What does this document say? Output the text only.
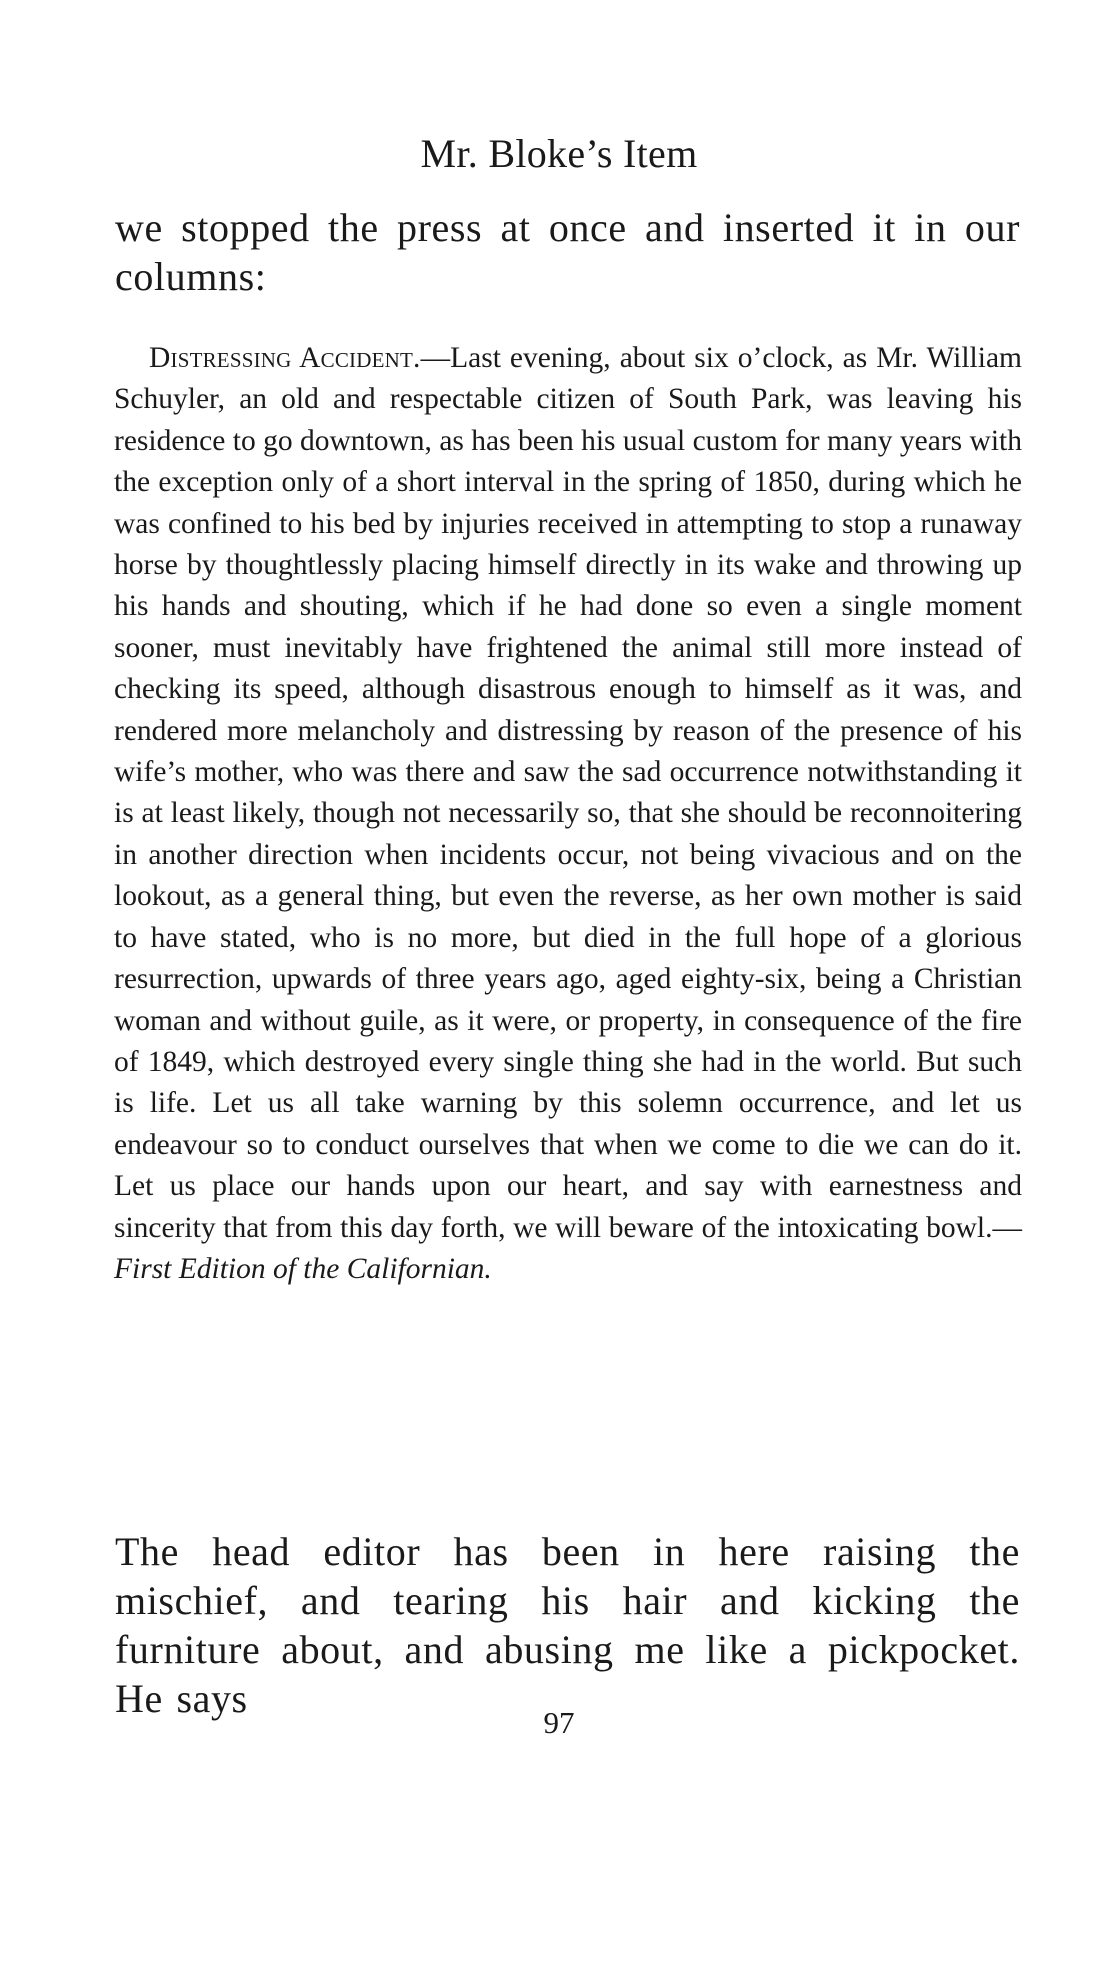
Mr. Bloke’s Item

we stopped the press at once and inserted it in our columns:

Distressing Accident.—Last evening, about six o’clock, as Mr. William Schuyler, an old and respectable citizen of South Park, was leaving his residence to go downtown, as has been his usual custom for many years with the exception only of a short interval in the spring of 1850, during which he was confined to his bed by injuries received in attempting to stop a runaway horse by thoughtlessly placing himself directly in its wake and throwing up his hands and shouting, which if he had done so even a single moment sooner, must inevitably have frightened the animal still more instead of checking its speed, although disastrous enough to himself as it was, and rendered more melancholy and distressing by reason of the presence of his wife’s mother, who was there and saw the sad occurrence notwithstanding it is at least likely, though not necessarily so, that she should be reconnoitering in another direction when incidents occur, not being vivacious and on the lookout, as a general thing, but even the reverse, as her own mother is said to have stated, who is no more, but died in the full hope of a glorious resurrection, upwards of three years ago, aged eighty-six, being a Christian woman and without guile, as it were, or property, in consequence of the fire of 1849, which destroyed every single thing she had in the world. But such is life. Let us all take warning by this solemn occurrence, and let us endeavour so to conduct ourselves that when we come to die we can do it. Let us place our hands upon our heart, and say with earnestness and sincerity that from this day forth, we will beware of the intoxicating bowl.—First Edition of the Californian.

The head editor has been in here raising the mischief, and tearing his hair and kicking the furniture about, and abusing me like a pickpocket. He says

97
